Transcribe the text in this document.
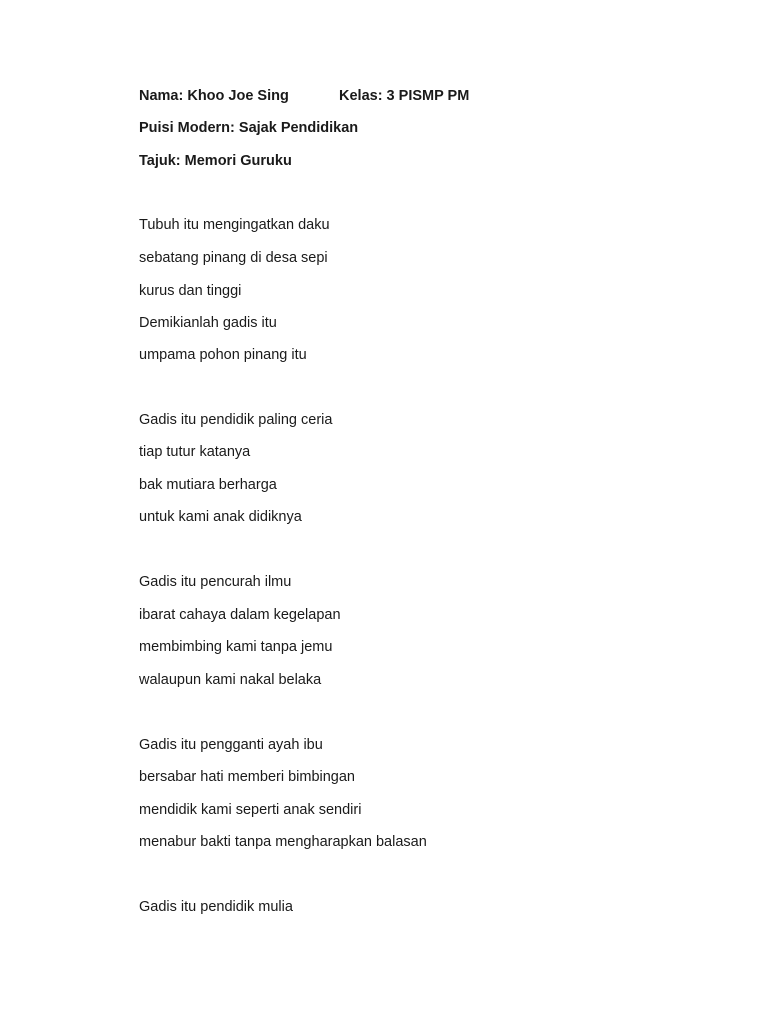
Nama: Khoo Joe Sing	Kelas: 3 PISMP PM
Puisi Modern: Sajak Pendidikan
Tajuk: Memori Guruku
Tubuh itu mengingatkan daku
sebatang pinang di desa sepi
kurus dan tinggi
Demikianlah gadis itu
umpama pohon pinang itu
Gadis itu pendidik paling ceria
tiap tutur katanya
bak mutiara berharga
untuk kami anak didiknya
Gadis itu pencurah ilmu
ibarat cahaya dalam kegelapan
membimbing kami tanpa jemu
walaupun kami nakal belaka
Gadis itu pengganti ayah ibu
bersabar hati memberi bimbingan
mendidik kami seperti anak sendiri
menabur bakti tanpa mengharapkan balasan
Gadis itu pendidik mulia
